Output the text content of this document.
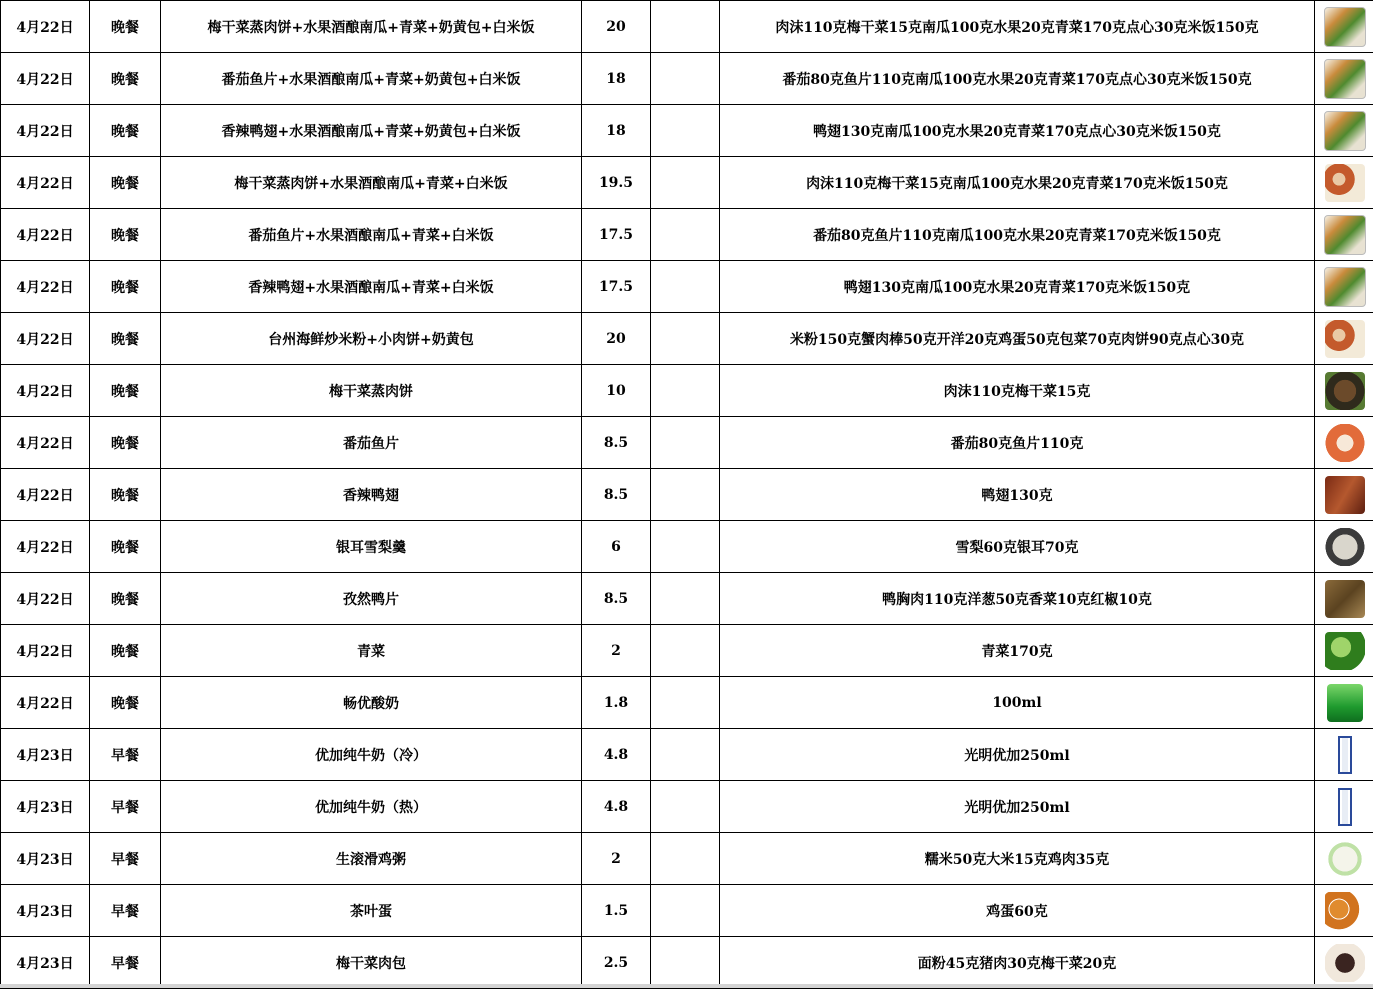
4月22日	晚餐	梅干菜蒸肉饼+水果酒酿南瓜+青菜+奶黄包+白米饭	20		肉沫110克梅干菜15克南瓜100克水果20克青菜170克点心30克米饭150克	
4月22日	晚餐	番茄鱼片+水果酒酿南瓜+青菜+奶黄包+白米饭	18		番茄80克鱼片110克南瓜100克水果20克青菜170克点心30克米饭150克	
4月22日	晚餐	香辣鸭翅+水果酒酿南瓜+青菜+奶黄包+白米饭	18		鸭翅130克南瓜100克水果20克青菜170克点心30克米饭150克	
4月22日	晚餐	梅干菜蒸肉饼+水果酒酿南瓜+青菜+白米饭	19.5		肉沫110克梅干菜15克南瓜100克水果20克青菜170克米饭150克	
4月22日	晚餐	番茄鱼片+水果酒酿南瓜+青菜+白米饭	17.5		番茄80克鱼片110克南瓜100克水果20克青菜170克米饭150克	
4月22日	晚餐	香辣鸭翅+水果酒酿南瓜+青菜+白米饭	17.5		鸭翅130克南瓜100克水果20克青菜170克米饭150克	
4月22日	晚餐	台州海鲜炒米粉+小肉饼+奶黄包	20		米粉150克蟹肉棒50克开洋20克鸡蛋50克包菜70克肉饼90克点心30克	
4月22日	晚餐	梅干菜蒸肉饼	10		肉沫110克梅干菜15克	
4月22日	晚餐	番茄鱼片	8.5		番茄80克鱼片110克	
4月22日	晚餐	香辣鸭翅	8.5		鸭翅130克	
4月22日	晚餐	银耳雪梨羹	6		雪梨60克银耳70克	
4月22日	晚餐	孜然鸭片	8.5		鸭胸肉110克洋葱50克香菜10克红椒10克	
4月22日	晚餐	青菜	2		青菜170克	
4月22日	晚餐	畅优酸奶	1.8		100ml	
4月23日	早餐	优加纯牛奶（冷）	4.8		光明优加250ml	
4月23日	早餐	优加纯牛奶（热）	4.8		光明优加250ml	
4月23日	早餐	生滚滑鸡粥	2		糯米50克大米15克鸡肉35克	
4月23日	早餐	茶叶蛋	1.5		鸡蛋60克	
4月23日	早餐	梅干菜肉包	2.5		面粉45克猪肉30克梅干菜20克	
